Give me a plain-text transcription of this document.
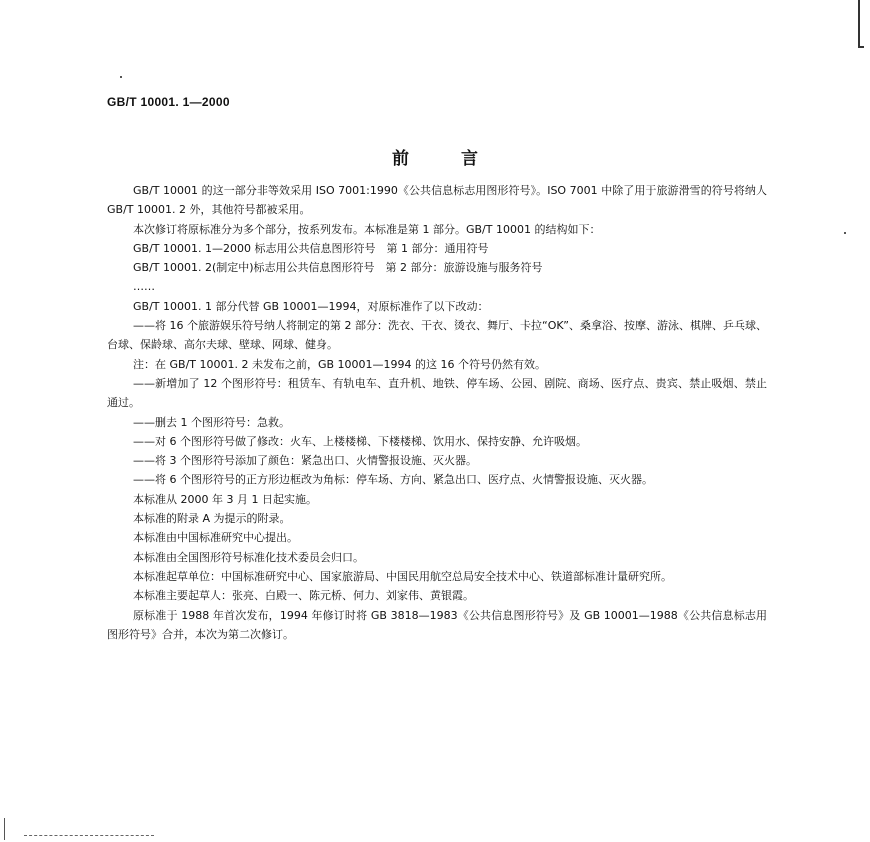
GB/T 10001. 1—2000
前言

GB/T 10001 的这一部分非等效采用 ISO 7001:1990《公共信息标志用图形符号》。ISO 7001 中除了用于旅游滑雪的符号将纳人 GB/T 10001. 2 外，其他符号都被采用。

本次修订将原标准分为多个部分，按系列发布。本标准是第 1 部分。GB/T 10001 的结构如下：

GB/T 10001. 1—2000 标志用公共信息图形符号　第 1 部分：通用符号

GB/T 10001. 2(制定中)标志用公共信息图形符号　第 2 部分：旅游设施与服务符号

……

GB/T 10001. 1 部分代替 GB 10001—1994，对原标准作了以下改动：

——将 16 个旅游娱乐符号纳人将制定的第 2 部分：洗衣、干衣、烫衣、舞厅、卡拉“OK”、桑拿浴、按摩、游泳、棋牌、乒乓球、台球、保龄球、高尔夫球、壁球、网球、健身。

注：在 GB/T 10001. 2 未发布之前，GB 10001—1994 的这 16 个符号仍然有效。

——新增加了 12 个图形符号：租赁车、有轨电车、直升机、地铁、停车场、公园、剧院、商场、医疗点、贵宾、禁止吸烟、禁止通过。

——删去 1 个图形符号：急救。

——对 6 个图形符号做了修改：火车、上楼楼梯、下楼楼梯、饮用水、保持安静、允许吸烟。

——将 3 个图形符号添加了颜色：紧急出口、火情警报设施、灭火器。

——将 6 个图形符号的正方形边框改为角标：停车场、方向、紧急出口、医疗点、火情警报设施、灭火器。

本标准从 2000 年 3 月 1 日起实施。

本标准的附录 A 为提示的附录。

本标准由中国标准研究中心提出。

本标准由全国图形符号标准化技术委员会归口。

本标准起草单位：中国标准研究中心、国家旅游局、中国民用航空总局安全技术中心、铁道部标准计量研究所。

本标准主要起草人：张亮、白殿一、陈元桥、何力、刘家伟、黄银霞。

原标准于 1988 年首次发布，1994 年修订时将 GB 3818—1983《公共信息图形符号》及 GB 10001—1988《公共信息标志用图形符号》合并，本次为第二次修订。
